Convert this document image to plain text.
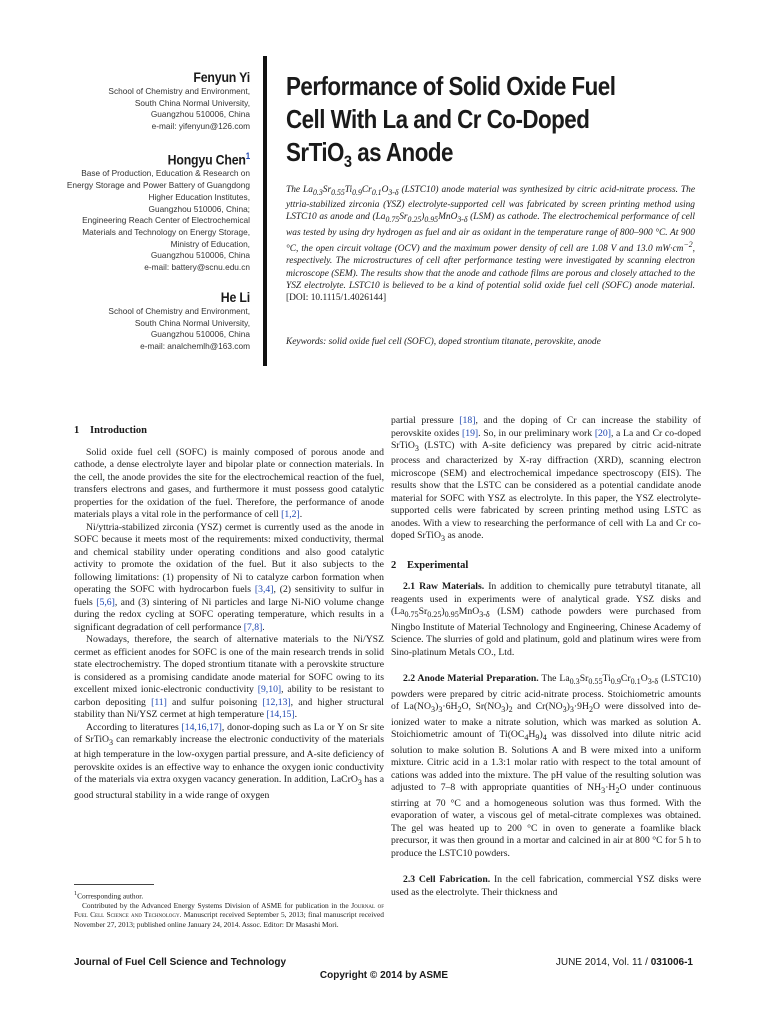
Fenyun Yi
School of Chemistry and Environment,
South China Normal University,
Guangzhou 510006, China
e-mail: yifenyun@126.com
Hongyu Chen$^1$
Base of Production, Education & Research on
Energy Storage and Power Battery of Guangdong
Higher Education Institutes,
Guangzhou 510006, China;
Engineering Reach Center of Electrochemical
Materials and Technology on Energy Storage,
Ministry of Education,
Guangzhou 510006, China
e-mail: battery@scnu.edu.cn
He Li
School of Chemistry and Environment,
South China Normal University,
Guangzhou 510006, China
e-mail: analchemlh@163.com
Performance of Solid Oxide Fuel
Cell With La and Cr Co-Doped
SrTiO$_3$ as Anode
The $La_{0.3}Sr_{0.55}Ti_{0.9}Cr_{0.1}O_{3-\delta}$ (LSTC10) anode material was synthesized by citric acid-nitrate process. The yttria-stabilized zirconia (YSZ) electrolyte-supported cell was fabricated by screen printing method using LSTC10 as anode and $(La_{0.75}Sr_{0.25})_{0.95}MnO_{3-\delta}$ (LSM) as cathode. The electrochemical performance of cell was tested by using dry hydrogen as fuel and air as oxidant in the temperature range of 800–900 °C. At 900 °C, the open circuit voltage (OCV) and the maximum power density of cell are 1.08 V and 13.0 $mW\cdot cm^{-2}$, respectively. The microstructures of cell after performance testing were investigated by scanning electron microscope (SEM). The results show that the anode and cathode films are porous and closely attached to the YSZ electrolyte. LSTC10 is believed to be a kind of potential solid oxide fuel cell (SOFC) anode material. [DOI: 10.1115/1.4026144]
Keywords: solid oxide fuel cell (SOFC), doped strontium titanate, perovskite, anode
1 Introduction

Solid oxide fuel cell (SOFC) is mainly composed of porous anode and cathode, a dense electrolyte layer and bipolar plate or connection materials. In the cell, the anode provides the site for the electrochemical reaction of the fuel, transfers electrons and gases, and furthermore it must possess good catalytic properties for the oxidation of the fuel. Therefore, the performance of anode materials plays a vital role in the performance of cell [1,2].

Ni/yttria-stabilized zirconia (YSZ) cermet is currently used as the anode in SOFC because it meets most of the requirements: mixed conductivity, thermal and chemical stability under operating conditions and also good catalytic activity to promote the oxidation of the fuel. But it also subjects to the following limitations: (1) propensity of Ni to catalyze carbon formation when operating the SOFC with hydrocarbon fuels [3,4], (2) sensitivity to sulfur in fuels [5,6], and (3) sintering of Ni particles and large Ni-NiO volume change during the redox cycling at SOFC operating temperature, which results in a significant degradation of cell performance [7,8].

Nowadays, therefore, the search of alternative materials to the Ni/YSZ cermet as efficient anodes for SOFC is one of the main research trends in solid state electrochemistry. The doped strontium titanate with a perovskite structure is considered as a promising candidate anode material for SOFC owing to its excellent mixed ionic-electronic conductivity [9,10], ability to be resistant to carbon depositing [11] and sulfur poisoning [12,13], and higher structural stability than Ni/YSZ cermet at high temperature [14,15].

According to literatures [14,16,17], donor-doping such as La or Y on Sr site of SrTiO$_3$ can remarkably increase the electronic conductivity of the materials at high temperature in the low-oxygen partial pressure, and A-site deficiency of perovskite oxides is an effective way to enhance the oxygen ionic conductivity of the materials via extra oxygen vacancy generation. In addition, LaCrO$_3$ has a good structural stability in a wide range of oxygen

partial pressure [18], and the doping of Cr can increase the stability of perovskite oxides [19]. So, in our preliminary work [20], a La and Cr co-doped SrTiO$_3$ (LSTC) with A-site deficiency was prepared by citric acid-nitrate process and characterized by X-ray diffraction (XRD), scanning electron microscope (SEM) and electrochemical impedance spectroscopy (EIS). The results show that the LSTC can be considered as a potential candidate anode material for SOFC with YSZ as electrolyte. In this paper, the YSZ electrolyte-supported cells were fabricated by screen printing method using LSTC as anodes. With a view to researching the performance of cell with La and Cr co-doped SrTiO$_3$ as anode.

2 Experimental

2.1 Raw Materials. In addition to chemically pure tetrabutyl titanate, all reagents used in experiments were of analytical grade. YSZ disks and $(La_{0.75}Sr_{0.25})_{0.95}MnO_{3-\delta}$ (LSM) cathode powders were purchased from Ningbo Institute of Material Technology and Engineering, Chinese Academy of Science. The slurries of gold and platinum, gold and platinum wires were from Sino-platinum Metals CO., Ltd.

2.2 Anode Material Preparation. The $La_{0.3}Sr_{0.55}Ti_{0.9}Cr_{0.1}O_{3-\delta}$ (LSTC10) powders were prepared by citric acid-nitrate process. Stoichiometric amounts of $La(NO_3)_3\cdot 6H_2O$, $Sr(NO_3)_2$ and $Cr(NO_3)_3\cdot 9H_2O$ were dissolved into de-ionized water to make a nitrate solution, which was marked as solution A. Stoichiometric amount of $Ti(OC_4H_9)_4$ was dissolved into dilute nitric acid solution to make solution B. Solutions A and B were mixed into a uniform mixture. Citric acid in a 1.3:1 molar ratio with respect to the total amount of cations was added into the mixture. The pH value of the resulting solution was adjusted to 7–8 with appropriate quantities of $NH_3\cdot H_2O$ under continuous stirring at 70 °C and a homogeneous solution was thus formed. With the evaporation of water, a viscous gel of metal-citrate complexes was obtained. The gel was heated up to 200 °C in oven to generate a foamlike black precursor, it was then ground in a mortar and calcined in air at 800 °C for 5 h to produce the LSTC10 powders.

2.3 Cell Fabrication. In the cell fabrication, commercial YSZ disks were used as the electrolyte. Their thickness and

$^1$Corresponding author.
Contributed by the Advanced Energy Systems Division of ASME for publication in the Journal of Fuel Cell Science and Technology. Manuscript received September 5, 2013; final manuscript received November 27, 2013; published online January 24, 2014. Assoc. Editor: Dr Masashi Mori.
Journal of Fuel Cell Science and Technology	JUNE 2014, Vol. 11 / 031006-1
Copyright © 2014 by ASME
